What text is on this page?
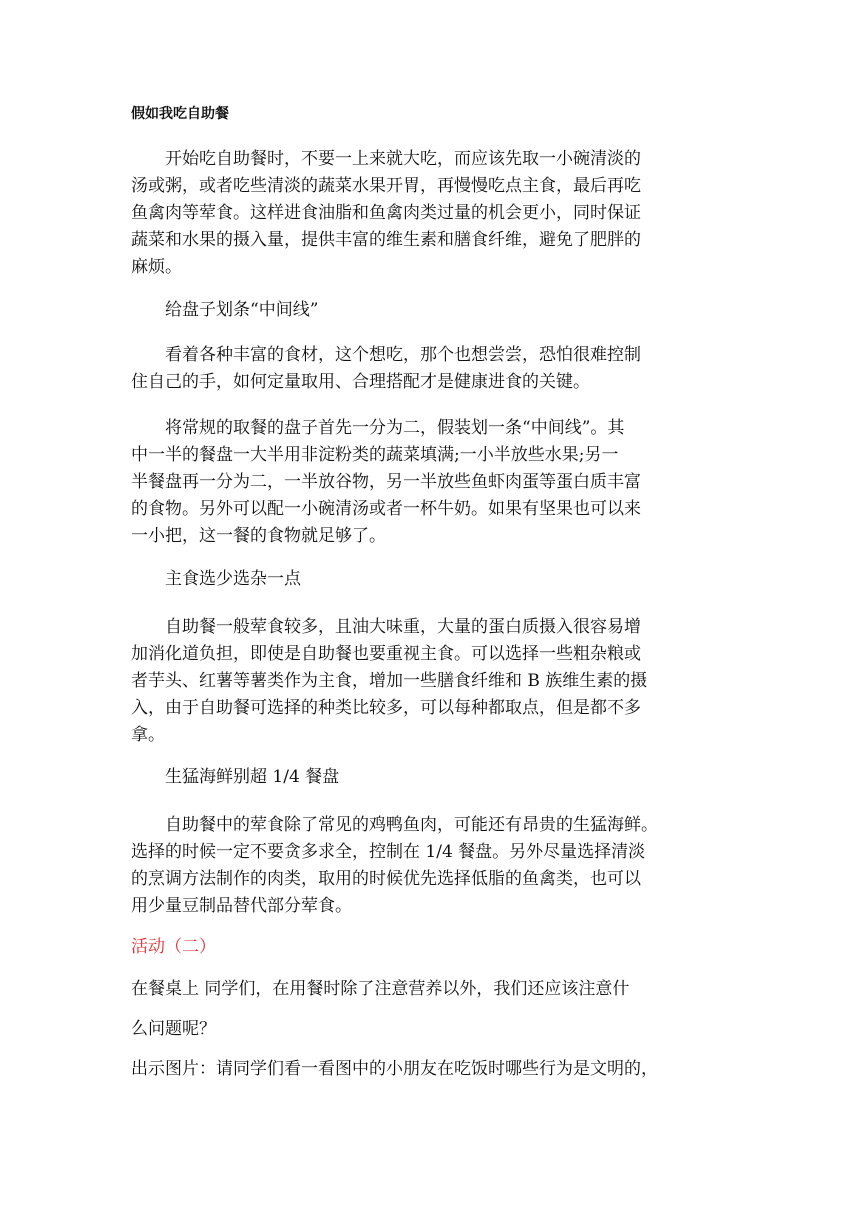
假如我吃自助餐
开始吃自助餐时，不要一上来就大吃，而应该先取一小碗清淡的
汤或粥，或者吃些清淡的蔬菜水果开胃，再慢慢吃点主食，最后再吃
鱼禽肉等荤食。这样进食油脂和鱼禽肉类过量的机会更小，同时保证
蔬菜和水果的摄入量，提供丰富的维生素和膳食纤维，避免了肥胖的
麻烦。
给盘子划条“中间线”
看着各种丰富的食材，这个想吃，那个也想尝尝，恐怕很难控制
住自己的手，如何定量取用、合理搭配才是健康进食的关键。
将常规的取餐的盘子首先一分为二，假装划一条“中间线”。其
中一半的餐盘一大半用非淀粉类的蔬菜填满;一小半放些水果;另一
半餐盘再一分为二，一半放谷物，另一半放些鱼虾肉蛋等蛋白质丰富
的食物。另外可以配一小碗清汤或者一杯牛奶。如果有坚果也可以来
一小把，这一餐的食物就足够了。
主食选少选杂一点
自助餐一般荤食较多，且油大味重，大量的蛋白质摄入很容易增
加消化道负担，即使是自助餐也要重视主食。可以选择一些粗杂粮或
者芋头、红薯等薯类作为主食，增加一些膳食纤维和 B 族维生素的摄
入，由于自助餐可选择的种类比较多，可以每种都取点，但是都不多
拿。
生猛海鲜别超 1/4 餐盘
自助餐中的荤食除了常见的鸡鸭鱼肉，可能还有昂贵的生猛海鲜。
选择的时候一定不要贪多求全，控制在 1/4 餐盘。另外尽量选择清淡
的烹调方法制作的肉类，取用的时候优先选择低脂的鱼禽类，也可以
用少量豆制品替代部分荤食。
活动（二）
在餐桌上 同学们，在用餐时除了注意营养以外，我们还应该注意什
么问题呢？
出示图片：请同学们看一看图中的小朋友在吃饭时哪些行为是文明的，
